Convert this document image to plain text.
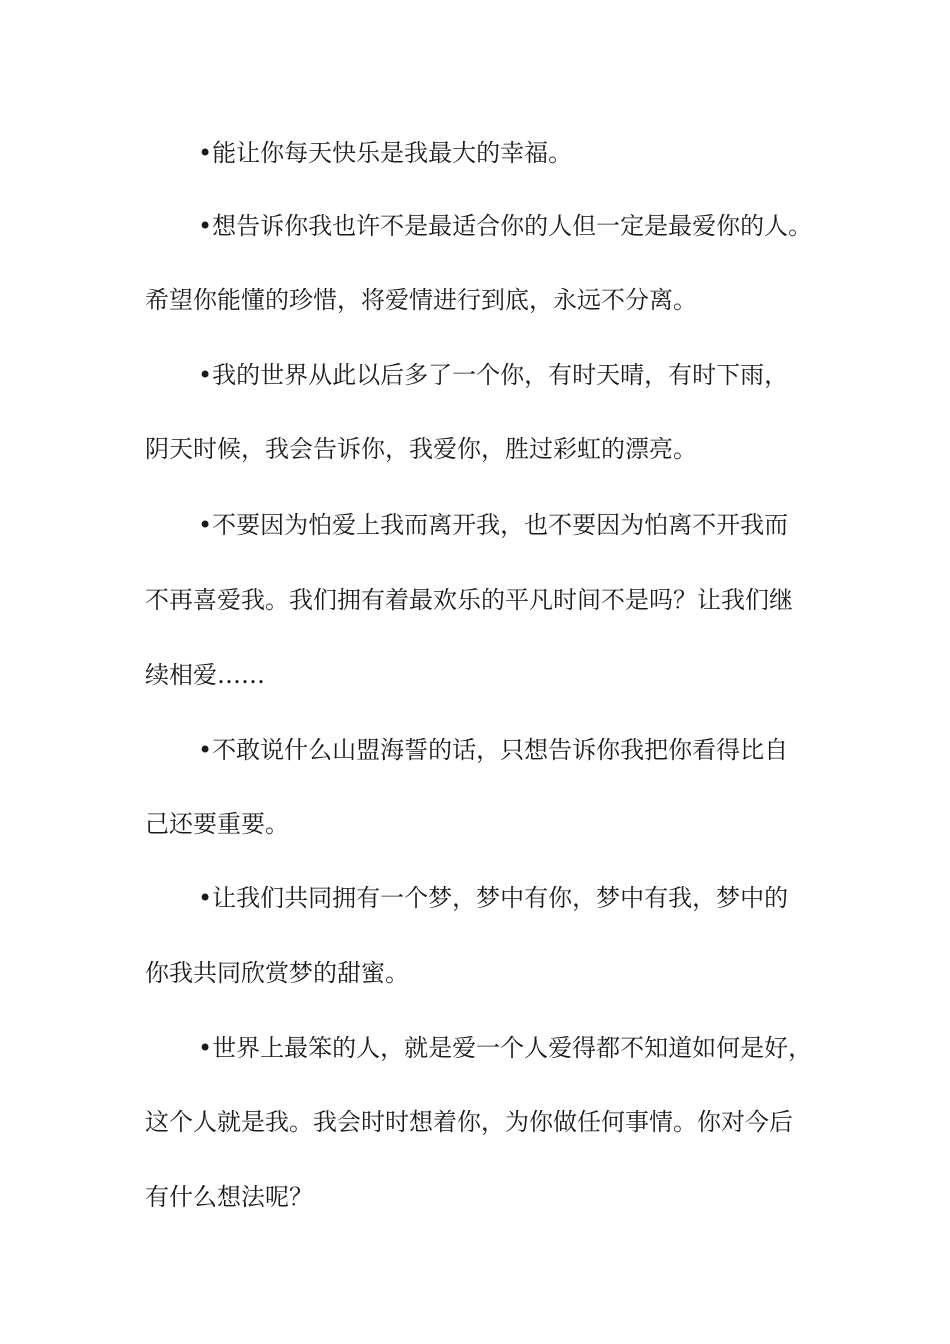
•能让你每天快乐是我最大的幸福。
•想告诉你我也许不是最适合你的人但一定是最爱你的人。
希望你能懂的珍惜，将爱情进行到底，永远不分离。
•我的世界从此以后多了一个你，有时天晴，有时下雨，
阴天时候，我会告诉你，我爱你，胜过彩虹的漂亮。
•不要因为怕爱上我而离开我，也不要因为怕离不开我而
不再喜爱我。我们拥有着最欢乐的平凡时间不是吗？让我们继
续相爱……
•不敢说什么山盟海誓的话，只想告诉你我把你看得比自
己还要重要。
•让我们共同拥有一个梦，梦中有你，梦中有我，梦中的
你我共同欣赏梦的甜蜜。
•世界上最笨的人，就是爱一个人爱得都不知道如何是好，
这个人就是我。我会时时想着你，为你做任何事情。你对今后
有什么想法呢？
